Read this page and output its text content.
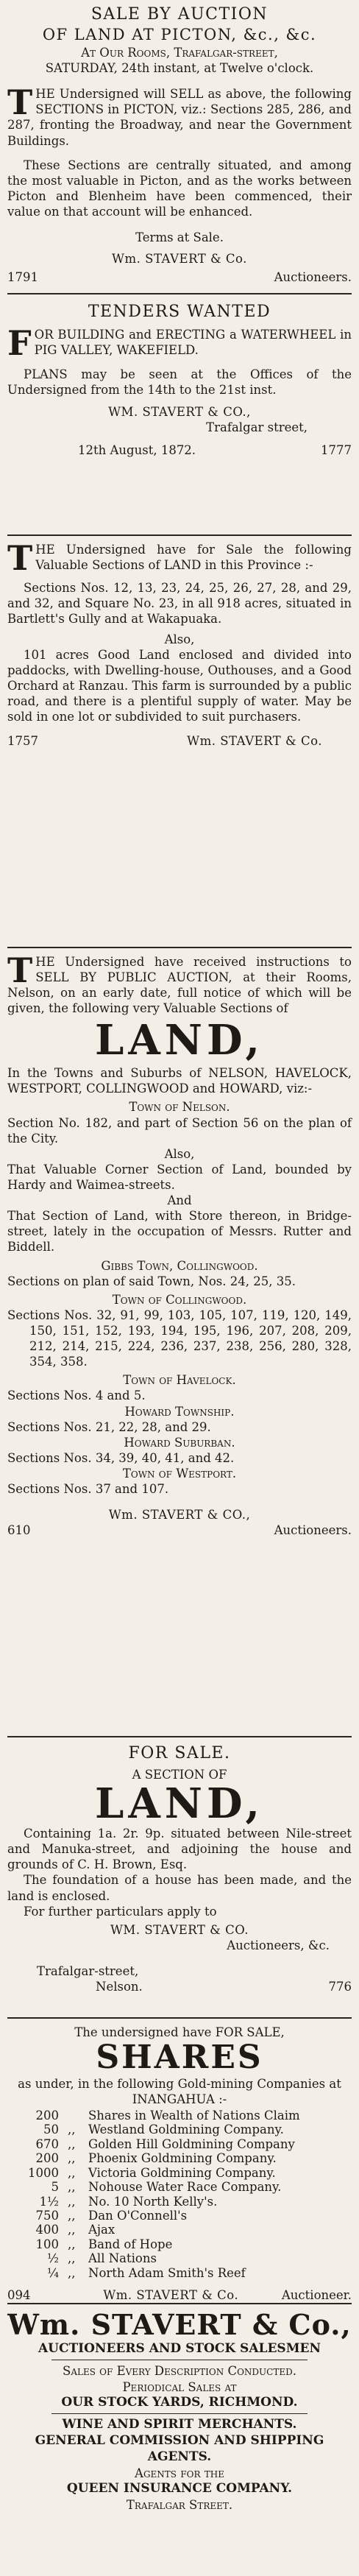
SALE BY AUCTION
OF LAND AT PICTON, &c., &c.
At Our Rooms, Trafalgar-street,
SATURDAY, 24th instant, at Twelve o'clock.
THE Undersigned will SELL as above, the following SECTIONS in PICTON, viz.: Sections 285, 286, and 287, fronting the Broadway, and near the Government Buildings.
These Sections are centrally situated, and among the most valuable in Picton, and as the works between Picton and Blenheim have been commenced, their value on that account will be enhanced.
Terms at Sale.
Wm. STAVERT & Co.
1791	Auctioneers.
TENDERS WANTED
FOR BUILDING and ERECTING a WATERWHEEL in PIG VALLEY, WAKEFIELD.
PLANS may be seen at the Offices of the Undersigned from the 14th to the 21st inst.
WM. STAVERT & CO.,
Trafalgar street,
12th August, 1872.	1777
THE Undersigned have for Sale the following Valuable Sections of LAND in this Province :-
Sections Nos. 12, 13, 23, 24, 25, 26, 27, 28, and 29, and 32, and Square No. 23, in all 918 acres, situated in Bartlett's Gully and at Wakapuaka.
Also,
101 acres Good Land enclosed and divided into paddocks, with Dwelling-house, Outhouses, and a Good Orchard at Ranzau. This farm is surrounded by a public road, and there is a plentiful supply of water. May be sold in one lot or subdivided to suit purchasers.
1757	Wm. STAVERT & Co.
THE Undersigned have received instructions to SELL BY PUBLIC AUCTION, at their Rooms, Nelson, on an early date, full notice of which will be given, the following very Valuable Sections of
LAND,
In the Towns and Suburbs of NELSON, HAVELOCK, WESTPORT, COLLINGWOOD and HOWARD, viz:-
Town of Nelson.
Section No. 182, and part of Section 56 on the plan of the City.
Also,
That Valuable Corner Section of Land, bounded by Hardy and Waimea-streets.
And
That Section of Land, with Store thereon, in Bridge-street, lately in the occupation of Messrs. Rutter and Biddell.
Gibbs Town, Collingwood.
Sections on plan of said Town, Nos. 24, 25, 35.
Town of Collingwood.
Sections Nos. 32, 91, 99, 103, 105, 107, 119, 120, 149, 150, 151, 152, 193, 194, 195, 196, 207, 208, 209, 212, 214, 215, 224, 236, 237, 238, 256, 280, 328, 354, 358.
Town of Havelock.
Sections Nos. 4 and 5.
Howard Township.
Sections Nos. 21, 22, 28, and 29.
Howard Suburban.
Sections Nos. 34, 39, 40, 41, and 42.
Town of Westport.
Sections Nos. 37 and 107.
Wm. STAVERT & CO.,
610	Auctioneers.
FOR SALE.
A SECTION OF
LAND,
Containing 1a. 2r. 9p. situated between Nile-street and Manuka-street, and adjoining the house and grounds of C. H. Brown, Esq.
The foundation of a house has been made, and the land is enclosed.
For further particulars apply to
WM. STAVERT & CO.
Auctioneers, &c.
Trafalgar-street,
Nelson.	776
The undersigned have FOR SALE,
SHARES
as under, in the following Gold-mining Companies at INANGAHUA :-
200	Shares in Wealth of Nations Claim
50 ,,	Westland Goldmining Company.
670 ,,	Golden Hill Goldmining Company
200 ,,	Phoenix Goldmining Company.
1000 ,,	Victoria Goldmining Company.
5 ,,	Nohouse Water Race Company.
1½ ,,	No. 10 North Kelly's.
750 ,,	Dan O'Connell's
400 ,,	Ajax
100 ,,	Band of Hope
½ ,,	All Nations
¼ ,,	North Adam Smith's Reef
094	Wm. STAVERT & Co.	Auctioneer.
Wm. STAVERT & Co.,
AUCTIONEERS AND STOCK SALESMEN
Sales of Every Description Conducted.
Periodical Sales at
OUR STOCK YARDS, RICHMOND.
WINE AND SPIRIT MERCHANTS.
GENERAL COMMISSION AND SHIPPING
AGENTS.
Agents for the
QUEEN INSURANCE COMPANY.
Trafalgar Street.
